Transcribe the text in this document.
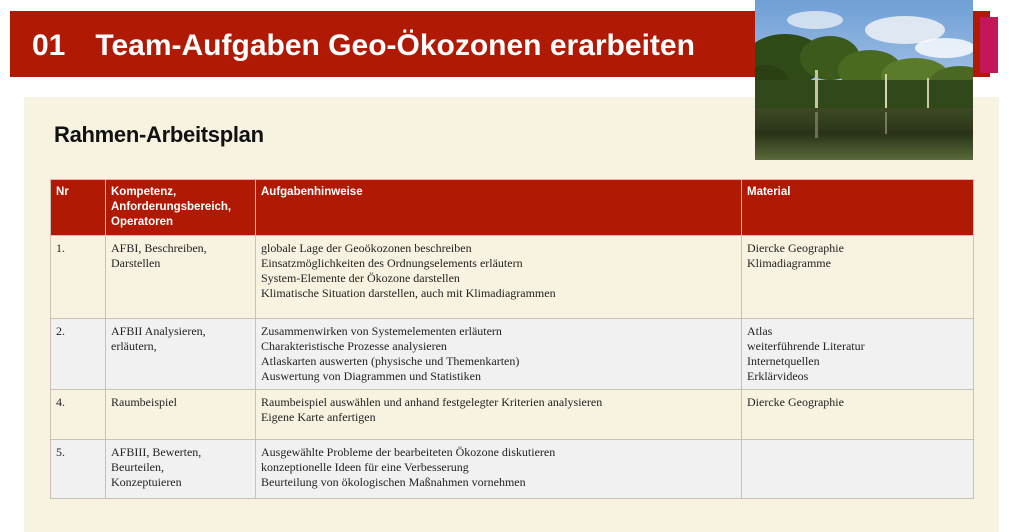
01 Team-Aufgaben Geo-Ökozonen erarbeiten
Rahmen-Arbeitsplan
Nr	Kompetenz,
Anforderungsbereich,
Operatoren	Aufgabenhinweise	Material
1.	AFBI, Beschreiben,
Darstellen	globale Lage der Geoökozonen beschreiben
Einsatzmöglichkeiten des Ordnungselements erläutern
System-Elemente der Ökozone darstellen
Klimatische Situation darstellen, auch mit Klimadiagrammen	Diercke Geographie
Klimadiagramme

2.	AFBII Analysieren,
erläutern,	Zusammenwirken von Systemelementen erläutern
Charakteristische Prozesse analysieren
Atlaskarten auswerten (physische und Themenkarten)
Auswertung von Diagrammen und Statistiken	Atlas
weiterführende Literatur
Internetquellen
Erklärvideos

4.	Raumbeispiel	Raumbeispiel auswählen und anhand festgelegter Kriterien analysieren
Eigene Karte anfertigen	Diercke Geographie

5.	AFBIII, Bewerten,
Beurteilen,
Konzeptuieren	Ausgewählte Probleme der bearbeiteten Ökozone diskutieren
konzeptionelle Ideen für eine Verbesserung
Beurteilung von ökologischen Maßnahmen vornehmen	
